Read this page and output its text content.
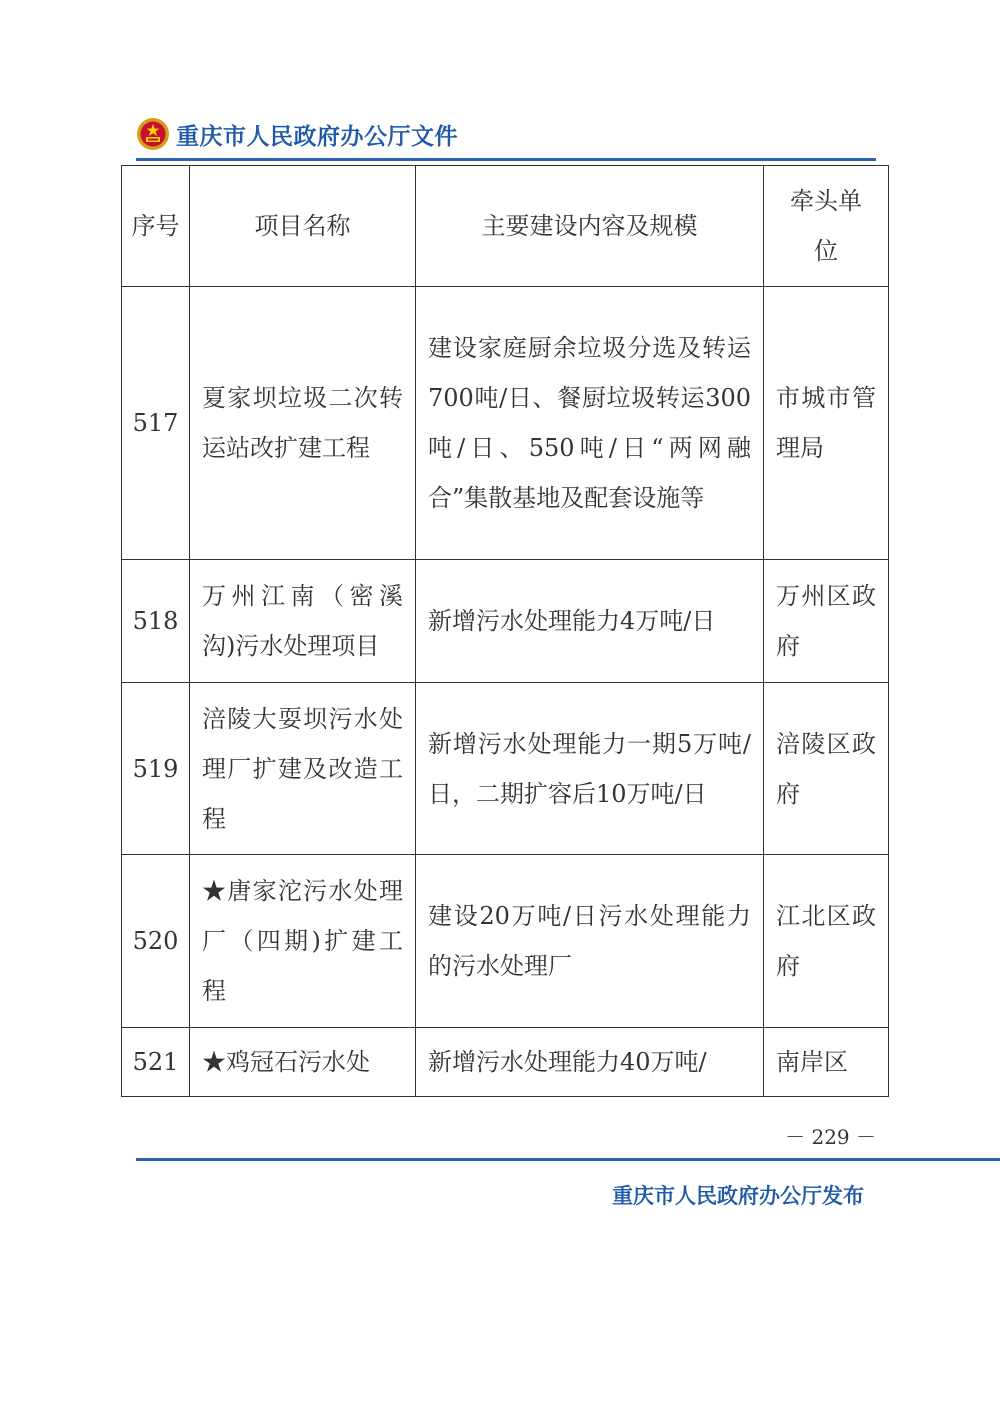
重庆市人民政府办公厅文件
序号	项目名称	主要建设内容及规模	牵头单位
517	夏家坝垃圾二次转运站改扩建工程	建设家庭厨余垃圾分选及转运700吨/日、餐厨垃圾转运300吨/日、550吨/日“两网融合”集散基地及配套设施等	市城市管理局
518	万州江南（密溪沟)污水处理项目	新增污水处理能力4万吨/日	万州区政府
519	涪陵大耍坝污水处理厂扩建及改造工程	新增污水处理能力一期5万吨/日，二期扩容后10万吨/日	涪陵区政府
520	★唐家沱污水处理厂（四期)扩建工程	建设20万吨/日污水处理能力的污水处理厂	江北区政府
521	★鸡冠石污水处	新增污水处理能力40万吨/	南岸区
－ 229 －
重庆市人民政府办公厅发布
